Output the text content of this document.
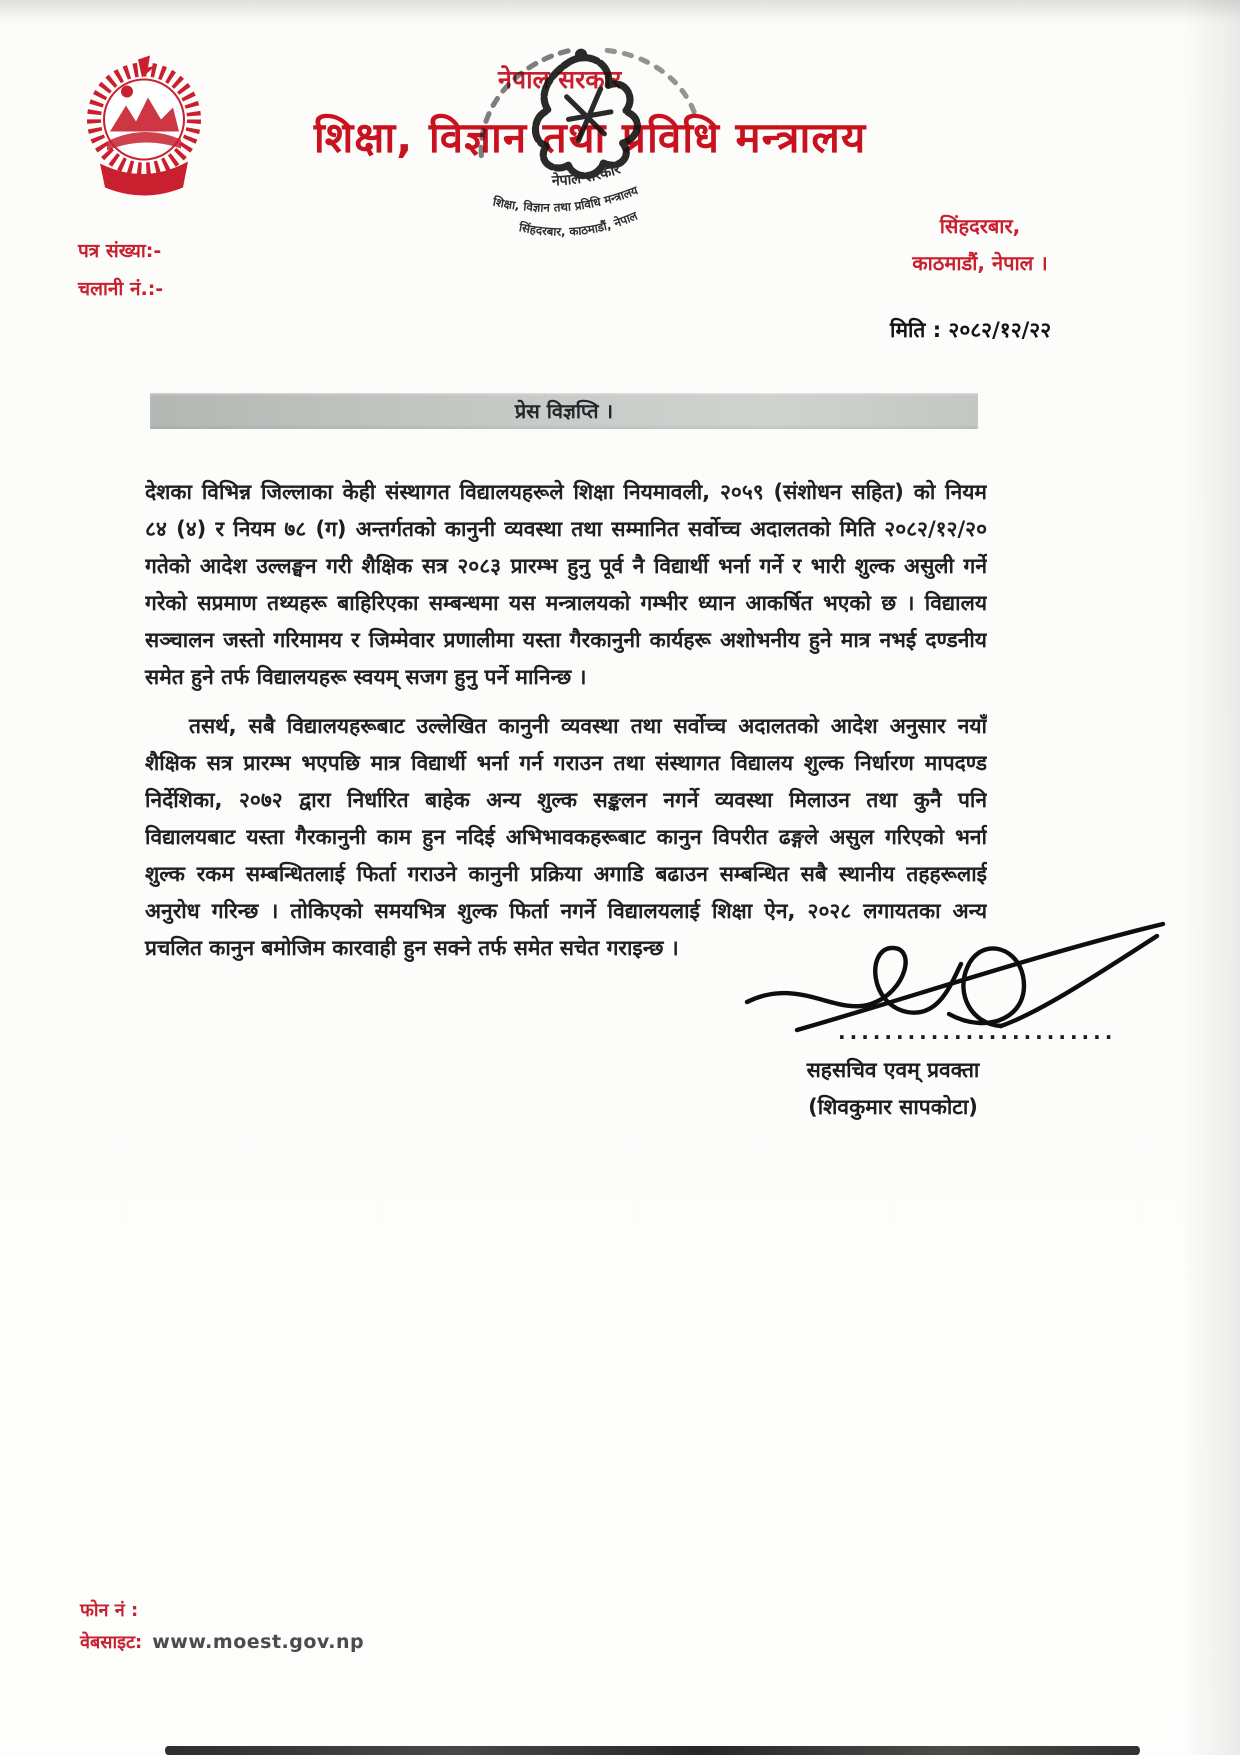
नेपाल सरकार
शिक्षा, विज्ञान तथा प्रविधि मन्त्रालय
नेपाल सरकार
शिक्षा, विज्ञान तथा प्रविधि मन्त्रालय
सिंहदरबार, काठमाडौं, नेपाल	सिंहदरबार,
काठमाडौं, नेपाल ।
पत्र संख्या:-
चलानी नं.:-
मिति : २०८२/१२/२२
प्रेस विज्ञप्ति ।
देशका विभिन्न जिल्लाका केही संस्थागत विद्यालयहरूले शिक्षा नियमावली, २०५९ (संशोधन सहित) को नियम
८४ (४) र नियम ७८ (ग) अन्तर्गतको कानुनी व्यवस्था तथा सम्मानित सर्वोच्च अदालतको मिति २०८२/१२/२०
गतेको आदेश उल्लङ्घन गरी शैक्षिक सत्र २०८३ प्रारम्भ हुनु पूर्व नै विद्यार्थी भर्ना गर्ने र भारी शुल्क असुली गर्ने
गरेको सप्रमाण तथ्यहरू बाहिरिएका सम्बन्धमा यस मन्त्रालयको गम्भीर ध्यान आकर्षित भएको छ । विद्यालय
सञ्चालन जस्तो गरिमामय र जिम्मेवार प्रणालीमा यस्ता गैरकानुनी कार्यहरू अशोभनीय हुने मात्र नभई दण्डनीय
समेत हुने तर्फ विद्यालयहरू स्वयम् सजग हुनु पर्ने मानिन्छ ।
तसर्थ, सबै विद्यालयहरूबाट उल्लेखित कानुनी व्यवस्था तथा सर्वोच्च अदालतको आदेश अनुसार नयाँ
शैक्षिक सत्र प्रारम्भ भएपछि मात्र विद्यार्थी भर्ना गर्न गराउन तथा संस्थागत विद्यालय शुल्क निर्धारण मापदण्ड
निर्देशिका, २०७२ द्वारा निर्धारित बाहेक अन्य शुल्क सङ्कलन नगर्ने व्यवस्था मिलाउन तथा कुनै पनि
विद्यालयबाट यस्ता गैरकानुनी काम हुन नदिई अभिभावकहरूबाट कानुन विपरीत ढङ्गले असुल गरिएको भर्ना
शुल्क रकम सम्बन्धितलाई फिर्ता गराउने कानुनी प्रक्रिया अगाडि बढाउन सम्बन्धित सबै स्थानीय तहहरूलाई
अनुरोध गरिन्छ । तोकिएको समयभित्र शुल्क फिर्ता नगर्ने विद्यालयलाई शिक्षा ऐन, २०२८ लगायतका अन्य
प्रचलित कानुन बमोजिम कारवाही हुन सक्ने तर्फ समेत सचेत गराइन्छ ।
........................
सहसचिव एवम् प्रवक्ता
(शिवकुमार सापकोटा)
फोन नं :
वेबसाइट: www.moest.gov.np
